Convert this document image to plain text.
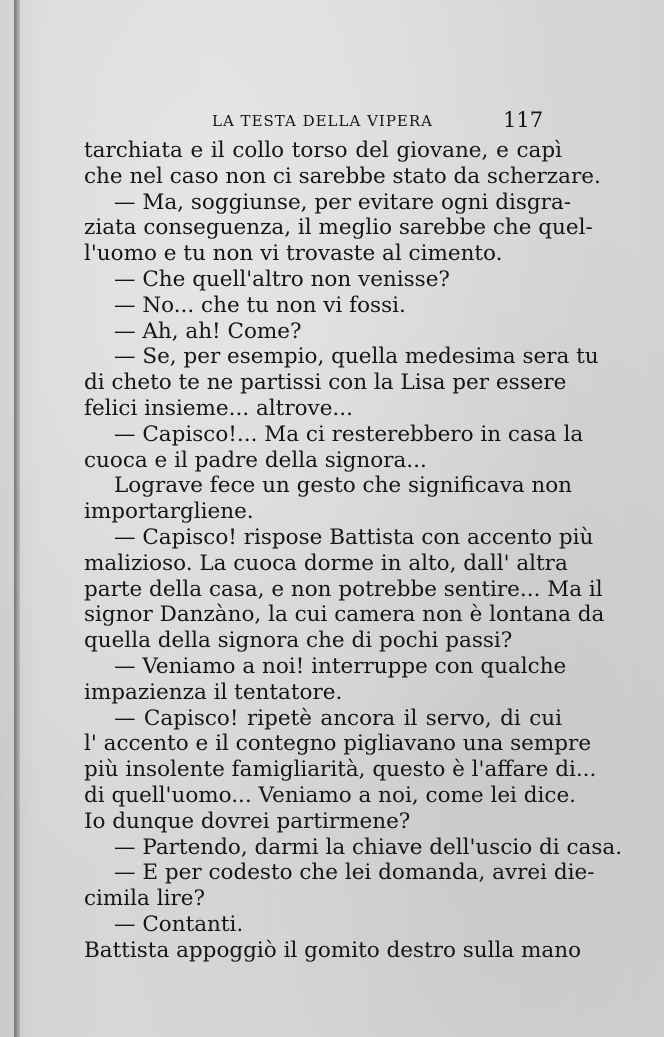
LA TESTA DELLA VIPERA	117
tarchiata e il collo torso del giovane, e capì
che nel caso non ci sarebbe stato da scherzare.
— Ma, soggiunse, per evitare ogni disgra-
ziata conseguenza, il meglio sarebbe che quel-
l'uomo e tu non vi trovaste al cimento.
— Che quell'altro non venisse?
— No... che tu non vi fossi.
— Ah, ah! Come?
— Se, per esempio, quella medesima sera tu
di cheto te ne partissi con la Lisa per essere
felici insieme... altrove...
— Capisco!... Ma ci resterebbero in casa la
cuoca e il padre della signora...
Lograve fece un gesto che significava non
importargliene.
— Capisco! rispose Battista con accento più
malizioso. La cuoca dorme in alto, dall' altra
parte della casa, e non potrebbe sentire... Ma il
signor Danzàno, la cui camera non è lontana da
quella della signora che di pochi passi?
— Veniamo a noi! interruppe con qualche
impazienza il tentatore.
— Capisco! ripetè ancora il servo, di cui
l' accento e il contegno pigliavano una sempre
più insolente famigliarità, questo è l'affare di...
di quell'uomo... Veniamo a noi, come lei dice.
Io dunque dovrei partirmene?
— Partendo, darmi la chiave dell'uscio di casa.
— E per codesto che lei domanda, avrei die-
cimila lire?
— Contanti.
Battista appoggiò il gomito destro sulla mano
